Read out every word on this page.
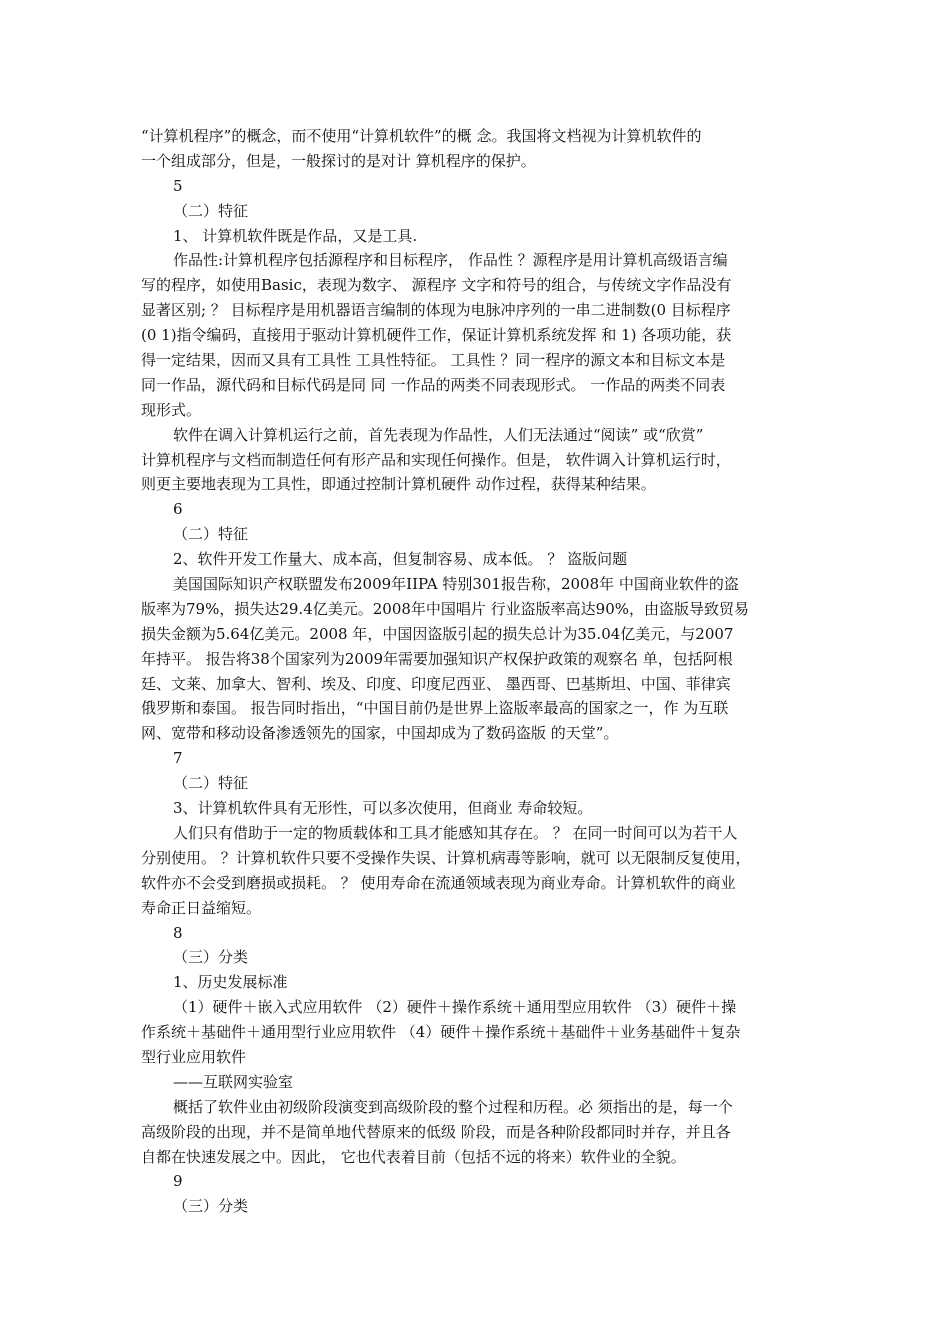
“计算机程序”的概念，而不使用“计算机软件”的概 念。我国将文档视为计算机软件的
一个组成部分，但是，一般探讨的是对计 算机程序的保护。
5
（二）特征
1、 计算机软件既是作品，又是工具.
作品性:计算机程序包括源程序和目标程序， 作品性 ？源程序是用计算机高级语言编
写的程序，如使用Basic，表现为数字、 源程序 文字和符号的组合，与传统文字作品没有
显著区别; ？ 目标程序是用机器语言编制的体现为电脉冲序列的一串二进制数(0 目标程序
(0 1)指令编码，直接用于驱动计算机硬件工作，保证计算机系统发挥 和 1) 各项功能，获
得一定结果，因而又具有工具性 工具性特征。 工具性 ？同一程序的源文本和目标文本是
同一作品，源代码和目标代码是同 同 一作品的两类不同表现形式。 一作品的两类不同表
现形式。
软件在调入计算机运行之前，首先表现为作品性，人们无法通过“阅读” 或“欣赏”
计算机程序与文档而制造任何有形产品和实现任何操作。但是， 软件调入计算机运行时，
则更主要地表现为工具性，即通过控制计算机硬件 动作过程，获得某种结果。
6
（二）特征
2、软件开发工作量大、成本高，但复制容易、成本低。 ？ 盗版问题
美国国际知识产权联盟发布2009年IIPA 特别301报告称，2008年 中国商业软件的盗
版率为79%，损失达29.4亿美元。2008年中国唱片 行业盗版率高达90%，由盗版导致贸易
损失金额为5.64亿美元。2008 年，中国因盗版引起的损失总计为35.04亿美元，与2007
年持平。 报告将38个国家列为2009年需要加强知识产权保护政策的观察名 单，包括阿根
廷、文莱、加拿大、智利、埃及、印度、印度尼西亚、 墨西哥、巴基斯坦、中国、菲律宾
俄罗斯和泰国。 报告同时指出，“中国目前仍是世界上盗版率最高的国家之一，作 为互联
网、宽带和移动设备渗透领先的国家，中国却成为了数码盗版 的天堂”。
7
（二）特征
3、计算机软件具有无形性，可以多次使用，但商业 寿命较短。
人们只有借助于一定的物质载体和工具才能感知其存在。 ？ 在同一时间可以为若干人
分别使用。 ？计算机软件只要不受操作失误、计算机病毒等影响，就可 以无限制反复使用，
软件亦不会受到磨损或损耗。 ？ 使用寿命在流通领域表现为商业寿命。计算机软件的商业
寿命正日益缩短。
8
（三）分类
1、历史发展标准
（1）硬件＋嵌入式应用软件 （2）硬件＋操作系统＋通用型应用软件 （3）硬件＋操
作系统＋基础件＋通用型行业应用软件 （4）硬件＋操作系统＋基础件＋业务基础件＋复杂
型行业应用软件
——互联网实验室
概括了软件业由初级阶段演变到高级阶段的整个过程和历程。必 须指出的是，每一个
高级阶段的出现，并不是简单地代替原来的低级 阶段，而是各种阶段都同时并存，并且各
自都在快速发展之中。因此， 它也代表着目前（包括不远的将来）软件业的全貌。
9
（三）分类
